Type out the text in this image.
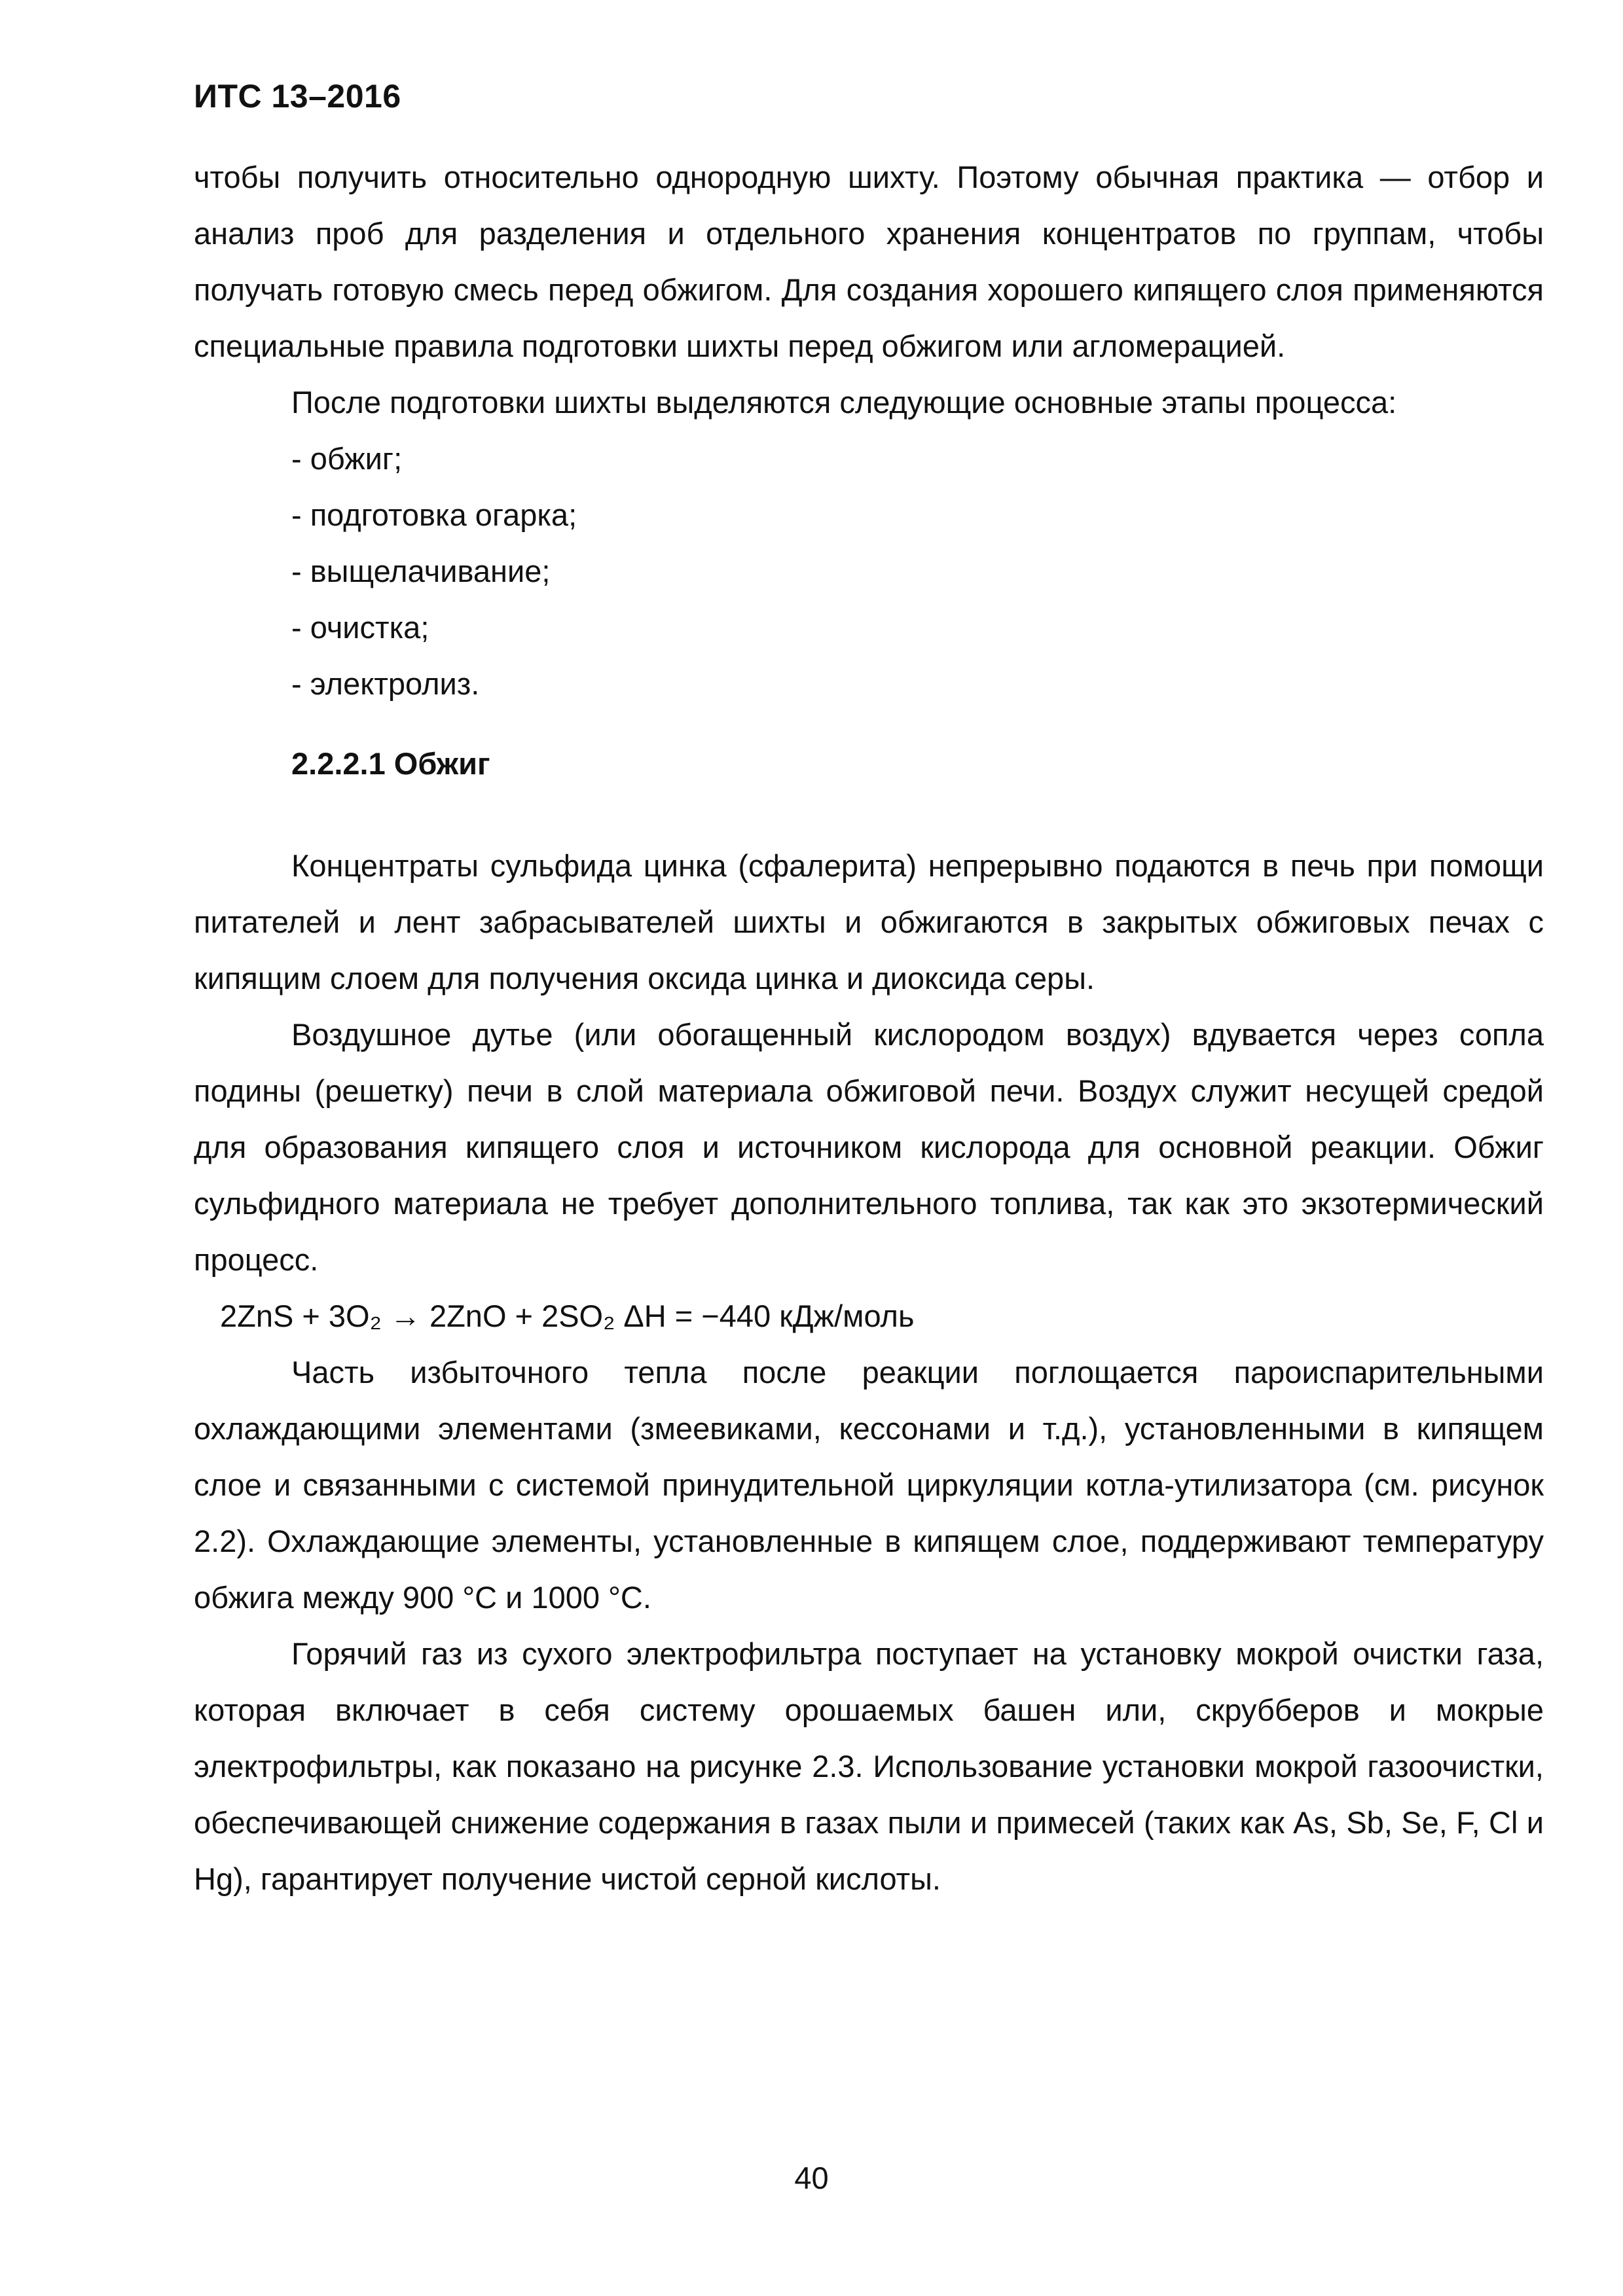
ИТС 13–2016

чтобы получить относительно однородную шихту. Поэтому обычная практика — отбор и анализ проб для разделения и отдельного хранения концентратов по группам, чтобы получать готовую смесь перед обжигом. Для создания хорошего кипящего слоя применяются специальные правила подготовки шихты перед обжигом или агломерацией.

После подготовки шихты выделяются следующие основные этапы процесса:

- обжиг;
- подготовка огарка;
- выщелачивание;
- очистка;
- электролиз.
2.2.2.1 Обжиг

Концентраты сульфида цинка (сфалерита) непрерывно подаются в печь при помощи питателей и лент забрасывателей шихты и обжигаются в закрытых обжиговых печах с кипящим слоем для получения оксида цинка и диоксида серы.

Воздушное дутье (или обогащенный кислородом воздух) вдувается через сопла подины (решетку) печи в слой материала обжиговой печи. Воздух служит несущей средой для образования кипящего слоя и источником кислорода для основной реакции. Обжиг сульфидного материала не требует дополнительного топлива, так как это экзотермический процесс.

2ZnS + 3O₂ → 2ZnO + 2SO₂ ΔH = −440 кДж/моль

Часть избыточного тепла после реакции поглощается пароиспарительными охлаждающими элементами (змеевиками, кессонами и т.д.), установленными в кипящем слое и связанными с системой принудительной циркуляции котла-утилизатора (см. рисунок 2.2). Охлаждающие элементы, установленные в кипящем слое, поддерживают температуру обжига между 900 °С и 1000 °С.

Горячий газ из сухого электрофильтра поступает на установку мокрой очистки газа, которая включает в себя систему орошаемых башен или, скрубберов и мокрые электрофильтры, как показано на рисунке 2.3. Использование установки мокрой газоочистки, обеспечивающей снижение содержания в газах пыли и примесей (таких как As, Sb, Se, F, Cl и Hg), гарантирует получение чистой серной кислоты.

40
